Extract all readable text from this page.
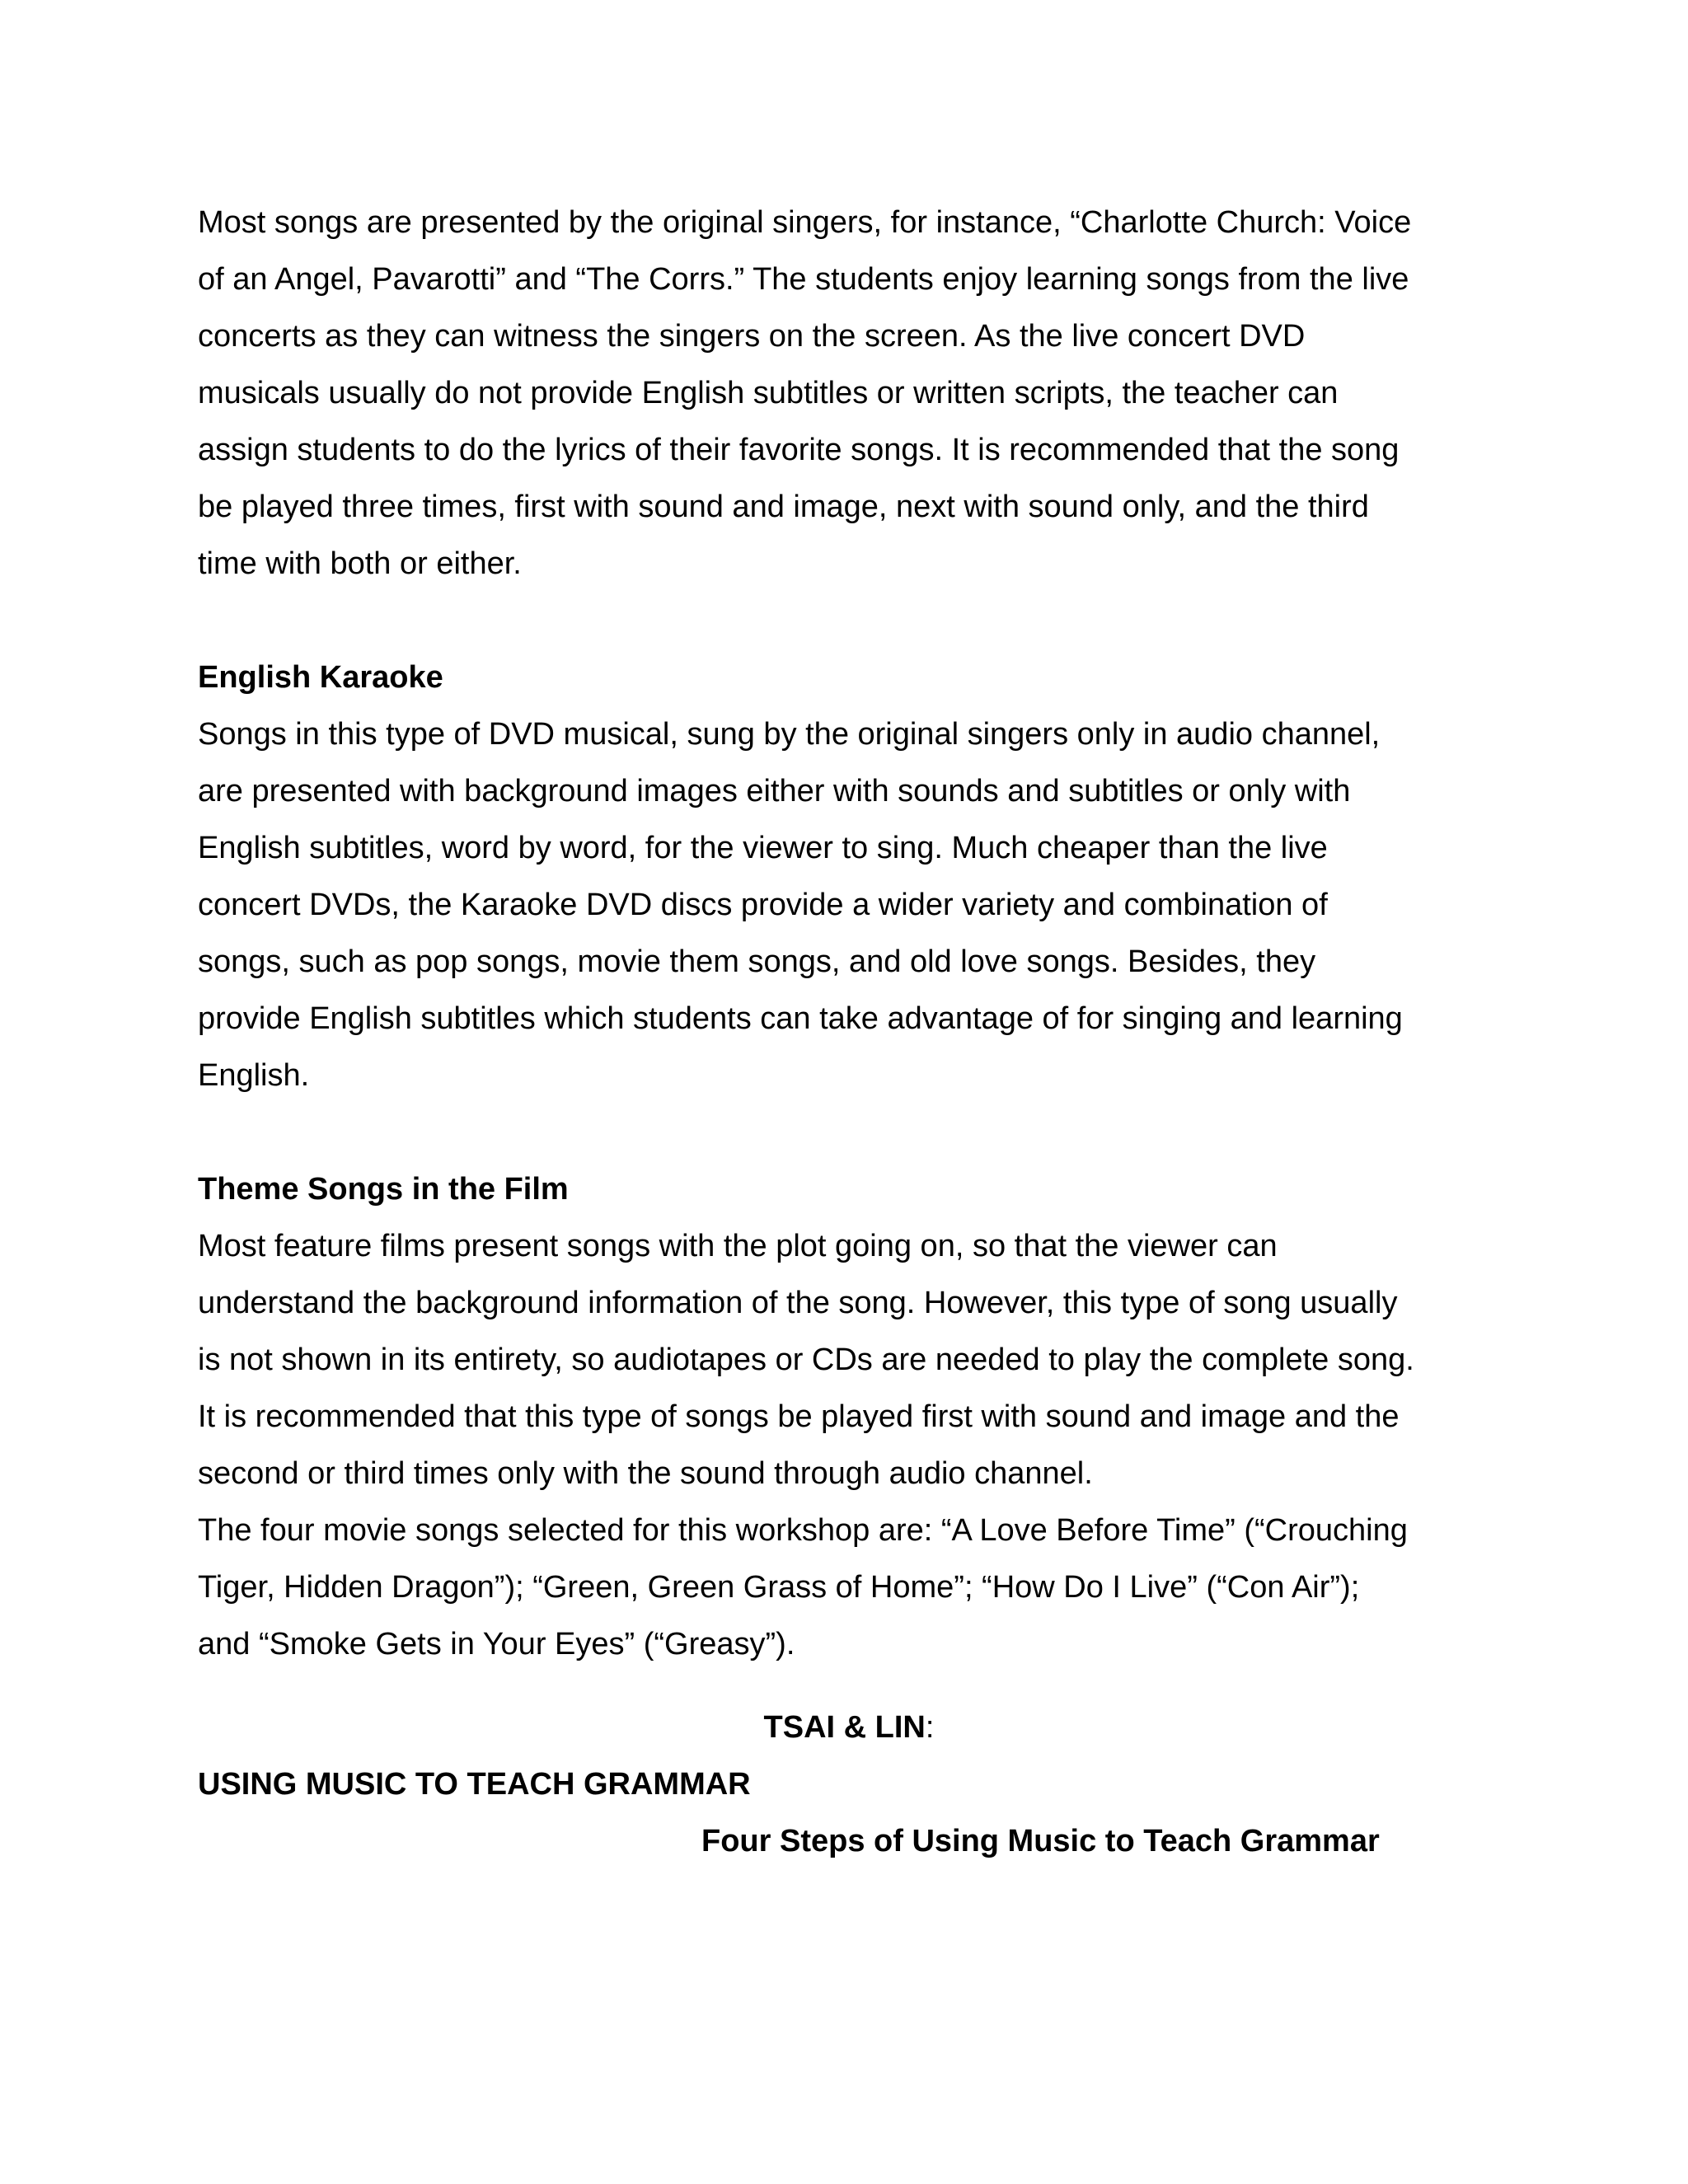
Most songs are presented by the original singers, for instance, “Charlotte Church: Voice

of an Angel, Pavarotti” and “The Corrs.” The students enjoy learning songs from the live

concerts as they can witness the singers on the screen. As the live concert DVD

musicals usually do not provide English subtitles or written scripts, the teacher can

assign students to do the lyrics of their favorite songs. It is recommended that the song

be played three times, first with sound and image, next with sound only, and the third

time with both or either.

English Karaoke

Songs in this type of DVD musical, sung by the original singers only in audio channel,

are presented with background images either with sounds and subtitles or only with

English subtitles, word by word, for the viewer to sing. Much cheaper than the live

concert DVDs, the Karaoke DVD discs provide a wider variety and combination of

songs, such as pop songs, movie them songs, and old love songs. Besides, they

provide English subtitles which students can take advantage of for singing and learning

English.

Theme Songs in the Film

Most feature films present songs with the plot going on, so that the viewer can

understand the background information of the song. However, this type of song usually

is not shown in its entirety, so audiotapes or CDs are needed to play the complete song.

It is recommended that this type of songs be played first with sound and image and the

second or third times only with the sound through audio channel.

The four movie songs selected for this workshop are: “A Love Before Time” (“Crouching

Tiger, Hidden Dragon”); “Green, Green Grass of Home”; “How Do I Live” (“Con Air”);

and “Smoke Gets in Your Eyes” (“Greasy”).

TSAI & LIN:

USING MUSIC TO TEACH GRAMMAR

Four Steps of Using Music to Teach Grammar
